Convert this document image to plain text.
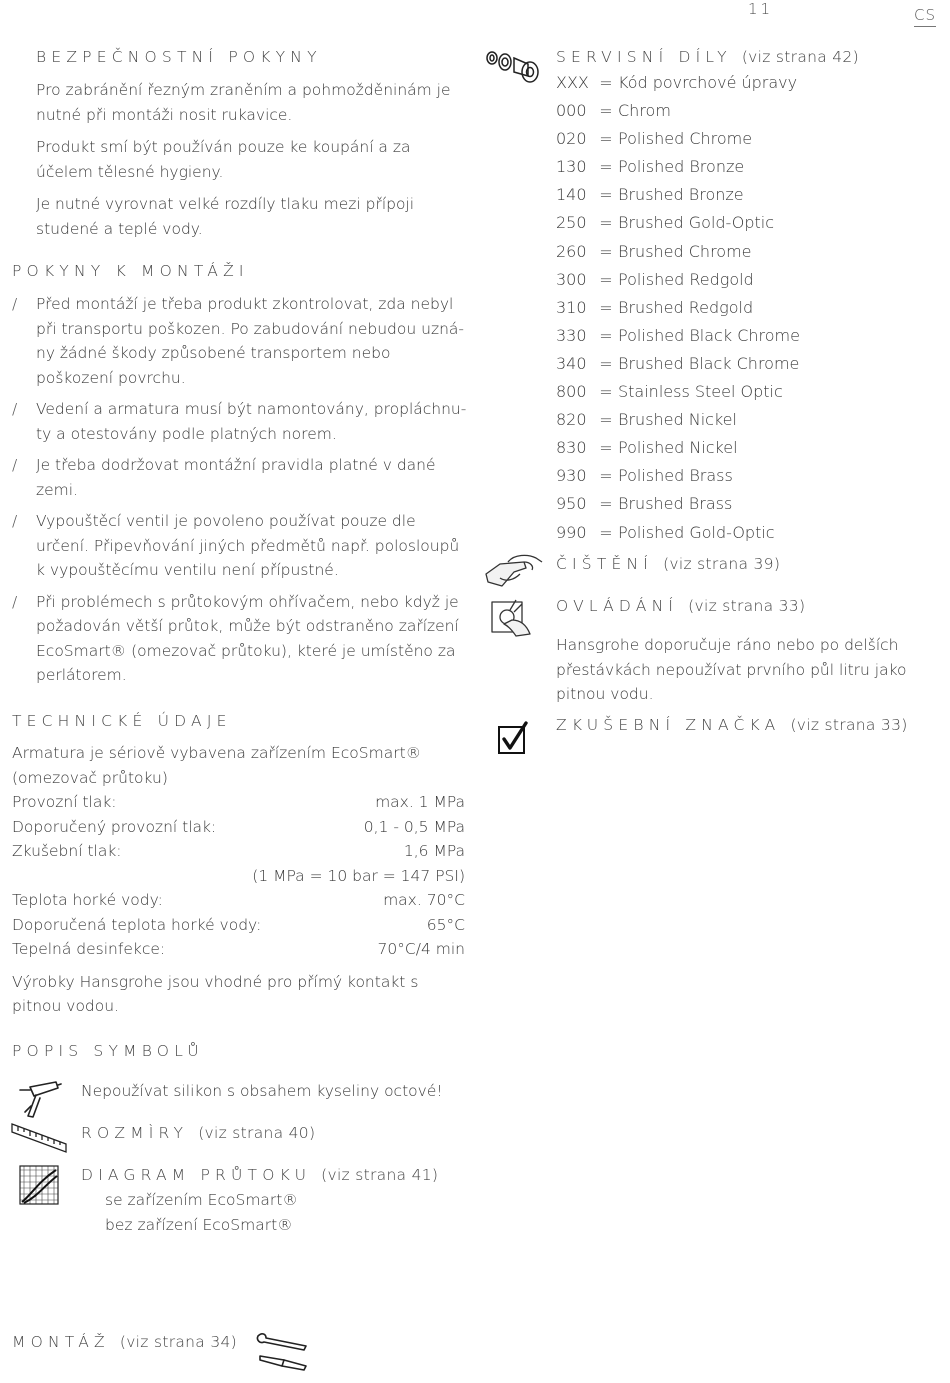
11	CS
BEZPEČNOSTNÍ POKYNY

Pro zabránění řezným zraněním a pohmožděninám je nutné při montáži nosit rukavice.

Produkt smí být používán pouze ke koupání a za účelem tělesné hygieny.

Je nutné vyrovnat velké rozdíly tlaku mezi přípoji studené a teplé vody.

POKYNY K MONTÁŽI
/ Před montáží je třeba produkt zkontrolovat, zda nebyl při transportu poškozen. Po zabudování nebudou uzná-ny žádné škody způsobené transportem nebo poškození povrchu.
/ Vedení a armatura musí být namontovány, propláchnu-ty a otestovány podle platných norem.
/ Je třeba dodržovat montážní pravidla platné v dané zemi.
/ Vypouštěcí ventil je povoleno používat pouze dle určení. Připevňování jiných předmětů např. polosloupů k vypouštěcímu ventilu není přípustné.
/ Při problémech s průtokovým ohřívačem, nebo když je požadován větší průtok, může být odstraněno zařízení EcoSmart® (omezovač průtoku), které je umístěno za perlátorem.
TECHNICKÉ ÚDAJE
Armatura je sériově vybavena zařízením EcoSmart® (omezovač průtoku)
Provozní tlak:	max. 1 MPa
Doporučený provozní tlak:	0,1 - 0,5 MPa
Zkušební tlak:	1,6 MPa
(1 MPa = 10 bar = 147 PSI)
Teplota horké vody:	max. 70°C
Doporučená teplota horké vody:	65°C
Tepelná desinfekce:	70°C/4 min
Výrobky Hansgrohe jsou vhodné pro přímý kontakt s pitnou vodou.
POPIS SYMBOLŮ
Nepoužívat silikon s obsahem kyseliny octové!
ROZMÌRY (viz strana 40)
DIAGRAM PRŮTOKU (viz strana 41)
se zařízením EcoSmart®
bez zařízení EcoSmart®
MONTÁŽ (viz strana 34)
SERVISNÍ DÍLY (viz strana 42)
XXX = Kód povrchové úpravy
000 = Chrom
020 = Polished Chrome
130 = Polished Bronze
140 = Brushed Bronze
250 = Brushed Gold-Optic
260 = Brushed Chrome
300 = Polished Redgold
310 = Brushed Redgold
330 = Polished Black Chrome
340 = Brushed Black Chrome
800 = Stainless Steel Optic
820 = Brushed Nickel
830 = Polished Nickel
930 = Polished Brass
950 = Brushed Brass
990 = Polished Gold-Optic
ČIŠTĚNÍ (viz strana 39)
OVLÁDÁNÍ (viz strana 33)
Hansgrohe doporučuje ráno nebo po delších přestávkách nepoužívat prvního půl litru jako pitnou vodu.
ZKUŠEBNÍ ZNAČKA (viz strana 33)
